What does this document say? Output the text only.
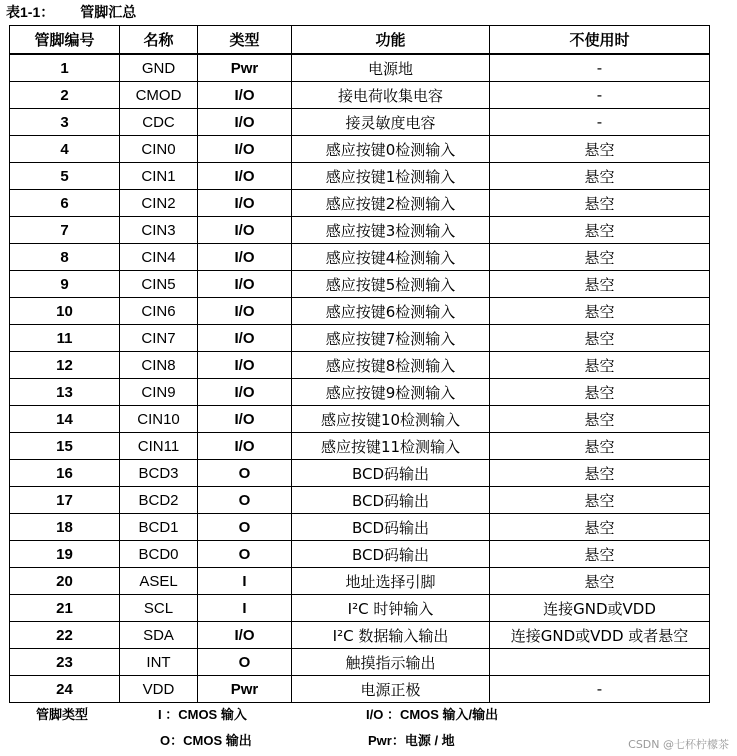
表1-1： 管脚汇总
管脚编号	名称	类型	功能	不使用时
1	GND	Pwr	电源地	-
2	CMOD	I/O	接电荷收集电容	-
3	CDC	I/O	接灵敏度电容	-
4	CIN0	I/O	感应按键0检测输入	悬空
5	CIN1	I/O	感应按键1检测输入	悬空
6	CIN2	I/O	感应按键2检测输入	悬空
7	CIN3	I/O	感应按键3检测输入	悬空
8	CIN4	I/O	感应按键4检测输入	悬空
9	CIN5	I/O	感应按键5检测输入	悬空
10	CIN6	I/O	感应按键6检测输入	悬空
11	CIN7	I/O	感应按键7检测输入	悬空
12	CIN8	I/O	感应按键8检测输入	悬空
13	CIN9	I/O	感应按键9检测输入	悬空
14	CIN10	I/O	感应按键10检测输入	悬空
15	CIN11	I/O	感应按键11检测输入	悬空
16	BCD3	O	BCD码输出	悬空
17	BCD2	O	BCD码输出	悬空
18	BCD1	O	BCD码输出	悬空
19	BCD0	O	BCD码输出	悬空
20	ASEL	I	地址选择引脚	悬空
21	SCL	I	I²C 时钟输入	连接GND或VDD
22	SDA	I/O	I²C 数据输入输出	连接GND或VDD 或者悬空
23	INT	O	触摸指示输出	
24	VDD	Pwr	电源正极	-
管脚类型	I ：CMOS 输入	I/O ：CMOS 输入/输出
O：CMOS 输出	Pwr：电源 / 地	CSDN @七杯柠檬茶
